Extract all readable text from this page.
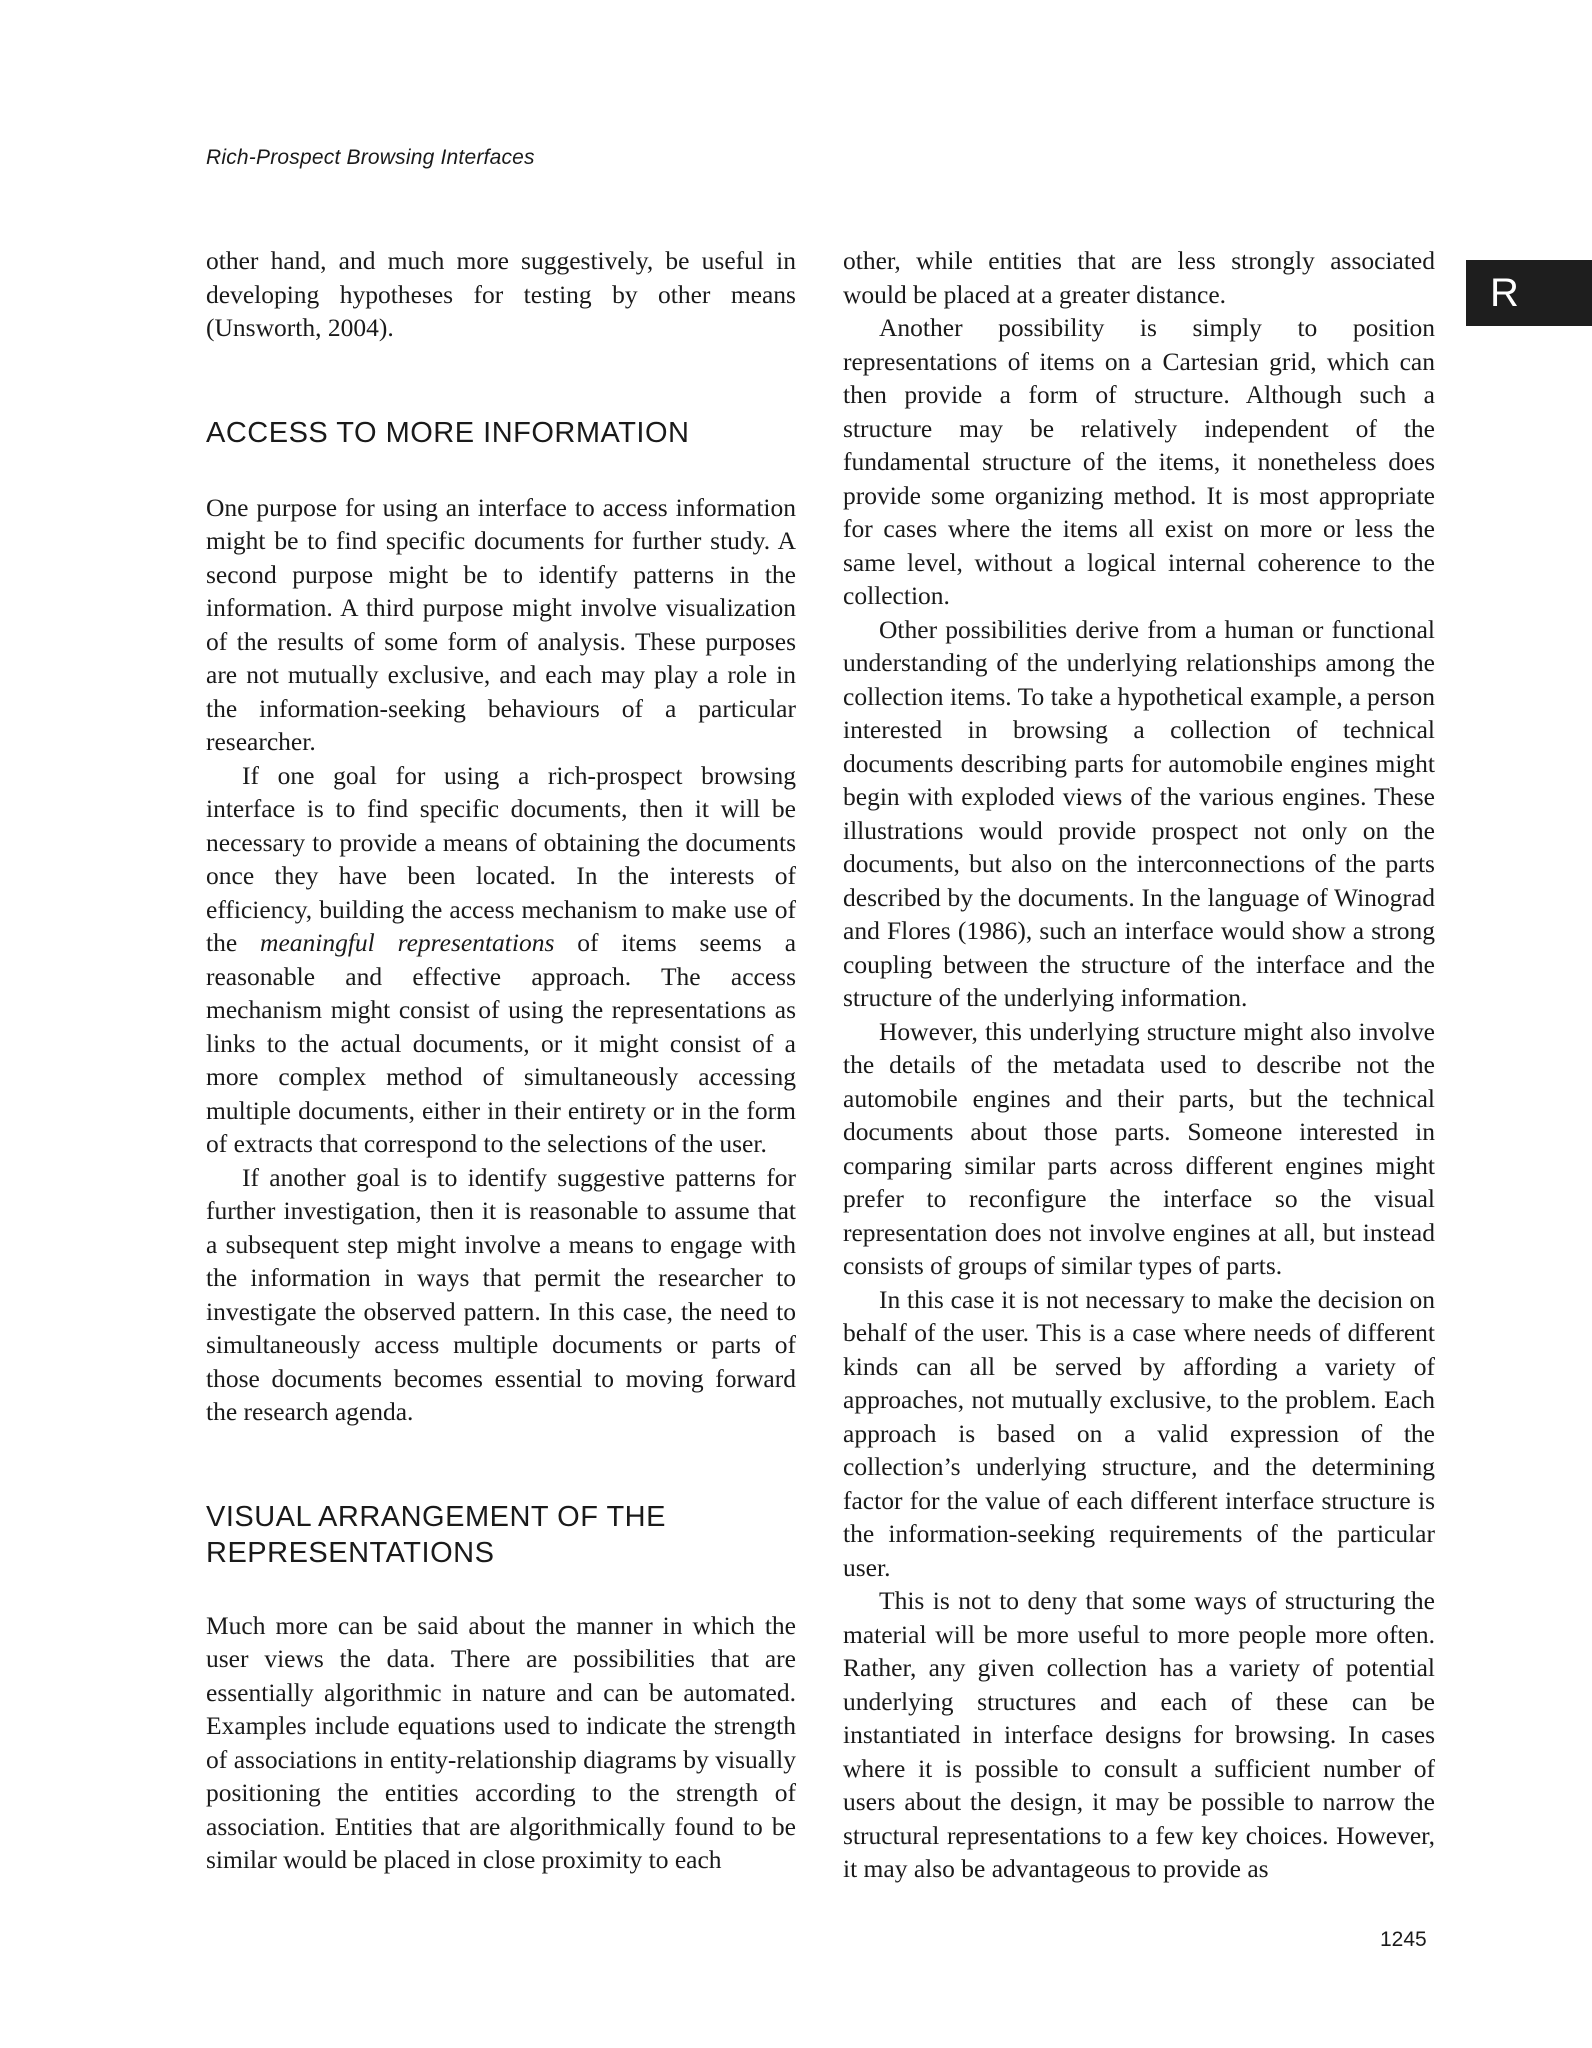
Rich-Prospect Browsing Interfaces

R

other hand, and much more suggestively, be useful in developing hypotheses for testing by other means (Unsworth, 2004).

ACCESS TO MORE INFORMATION

One purpose for using an interface to access information might be to find specific documents for further study. A second purpose might be to identify patterns in the information. A third purpose might involve visualization of the results of some form of analysis. These purposes are not mutually exclusive, and each may play a role in the information-seeking behaviours of a particular researcher.

If one goal for using a rich-prospect browsing interface is to find specific documents, then it will be necessary to provide a means of obtaining the documents once they have been located. In the interests of efficiency, building the access mechanism to make use of the meaningful representations of items seems a reasonable and effective approach. The access mechanism might consist of using the representations as links to the actual documents, or it might consist of a more complex method of simultaneously accessing multiple documents, either in their entirety or in the form of extracts that correspond to the selections of the user.

If another goal is to identify suggestive patterns for further investigation, then it is reasonable to assume that a subsequent step might involve a means to engage with the information in ways that permit the researcher to investigate the observed pattern. In this case, the need to simultaneously access multiple documents or parts of those documents becomes essential to moving forward the research agenda.

VISUAL ARRANGEMENT OF THE
REPRESENTATIONS

Much more can be said about the manner in which the user views the data. There are possibilities that are essentially algorithmic in nature and can be automated. Examples include equations used to indicate the strength of associations in entity-relationship diagrams by visually positioning the entities according to the strength of association. Entities that are algorithmically found to be similar would be placed in close proximity to each

other, while entities that are less strongly associated would be placed at a greater distance.

Another possibility is simply to position representations of items on a Cartesian grid, which can then provide a form of structure. Although such a structure may be relatively independent of the fundamental structure of the items, it nonetheless does provide some organizing method. It is most appropriate for cases where the items all exist on more or less the same level, without a logical internal coherence to the collection.

Other possibilities derive from a human or functional understanding of the underlying relationships among the collection items. To take a hypothetical example, a person interested in browsing a collection of technical documents describing parts for automobile engines might begin with exploded views of the various engines. These illustrations would provide prospect not only on the documents, but also on the interconnections of the parts described by the documents. In the language of Winograd and Flores (1986), such an interface would show a strong coupling between the structure of the interface and the structure of the underlying information.

However, this underlying structure might also involve the details of the metadata used to describe not the automobile engines and their parts, but the technical documents about those parts. Someone interested in comparing similar parts across different engines might prefer to reconfigure the interface so the visual representation does not involve engines at all, but instead consists of groups of similar types of parts.

In this case it is not necessary to make the decision on behalf of the user. This is a case where needs of different kinds can all be served by affording a variety of approaches, not mutually exclusive, to the problem. Each approach is based on a valid expression of the collection’s underlying structure, and the determining factor for the value of each different interface structure is the information-seeking requirements of the particular user.

This is not to deny that some ways of structuring the material will be more useful to more people more often. Rather, any given collection has a variety of potential underlying structures and each of these can be instantiated in interface designs for browsing. In cases where it is possible to consult a sufficient number of users about the design, it may be possible to narrow the structural representations to a few key choices. However, it may also be advantageous to provide as

1245
